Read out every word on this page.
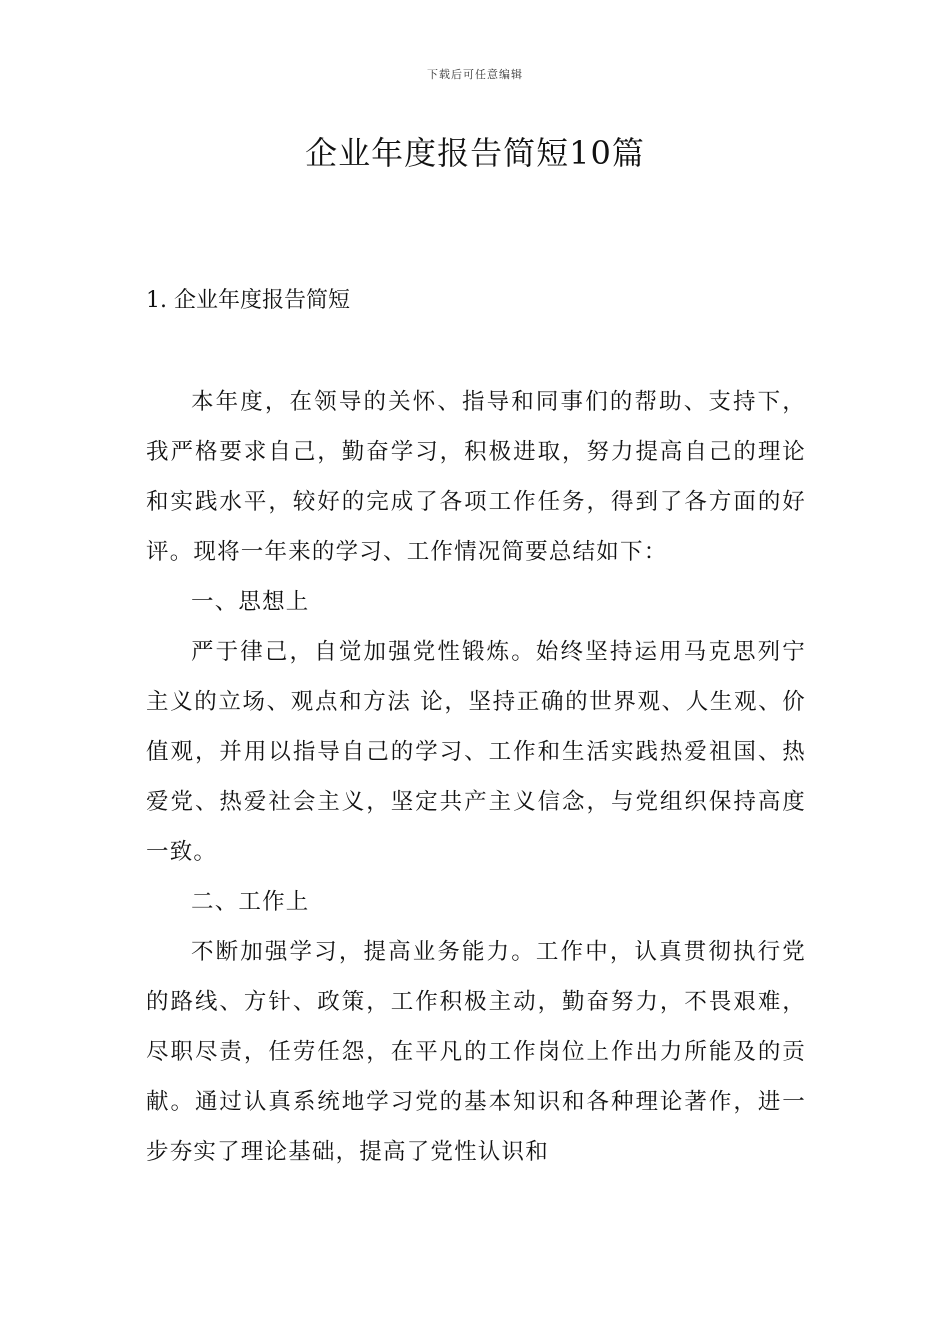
下载后可任意编辑
企业年度报告简短10篇
1. 企业年度报告简短

本年度，在领导的关怀、指导和同事们的帮助、支持下，我严格要求自己，勤奋学习，积极进取，努力提高自己的理论和实践水平，较好的完成了各项工作任务，得到了各方面的好评。现将一年来的学习、工作情况简要总结如下：

一、思想上

严于律己，自觉加强党性锻炼。始终坚持运用马克思列宁主义的立场、观点和方法 论，坚持正确的世界观、人生观、价值观，并用以指导自己的学习、工作和生活实践热爱祖国、热爱党、热爱社会主义，坚定共产主义信念，与党组织保持高度一致。

二、工作上

不断加强学习，提高业务能力。工作中，认真贯彻执行党的路线、方针、政策，工作积极主动，勤奋努力，不畏艰难，尽职尽责，任劳任怨，在平凡的工作岗位上作出力所能及的贡献。通过认真系统地学习党的基本知识和各种理论著作，进一步夯实了理论基础，提高了党性认识和
